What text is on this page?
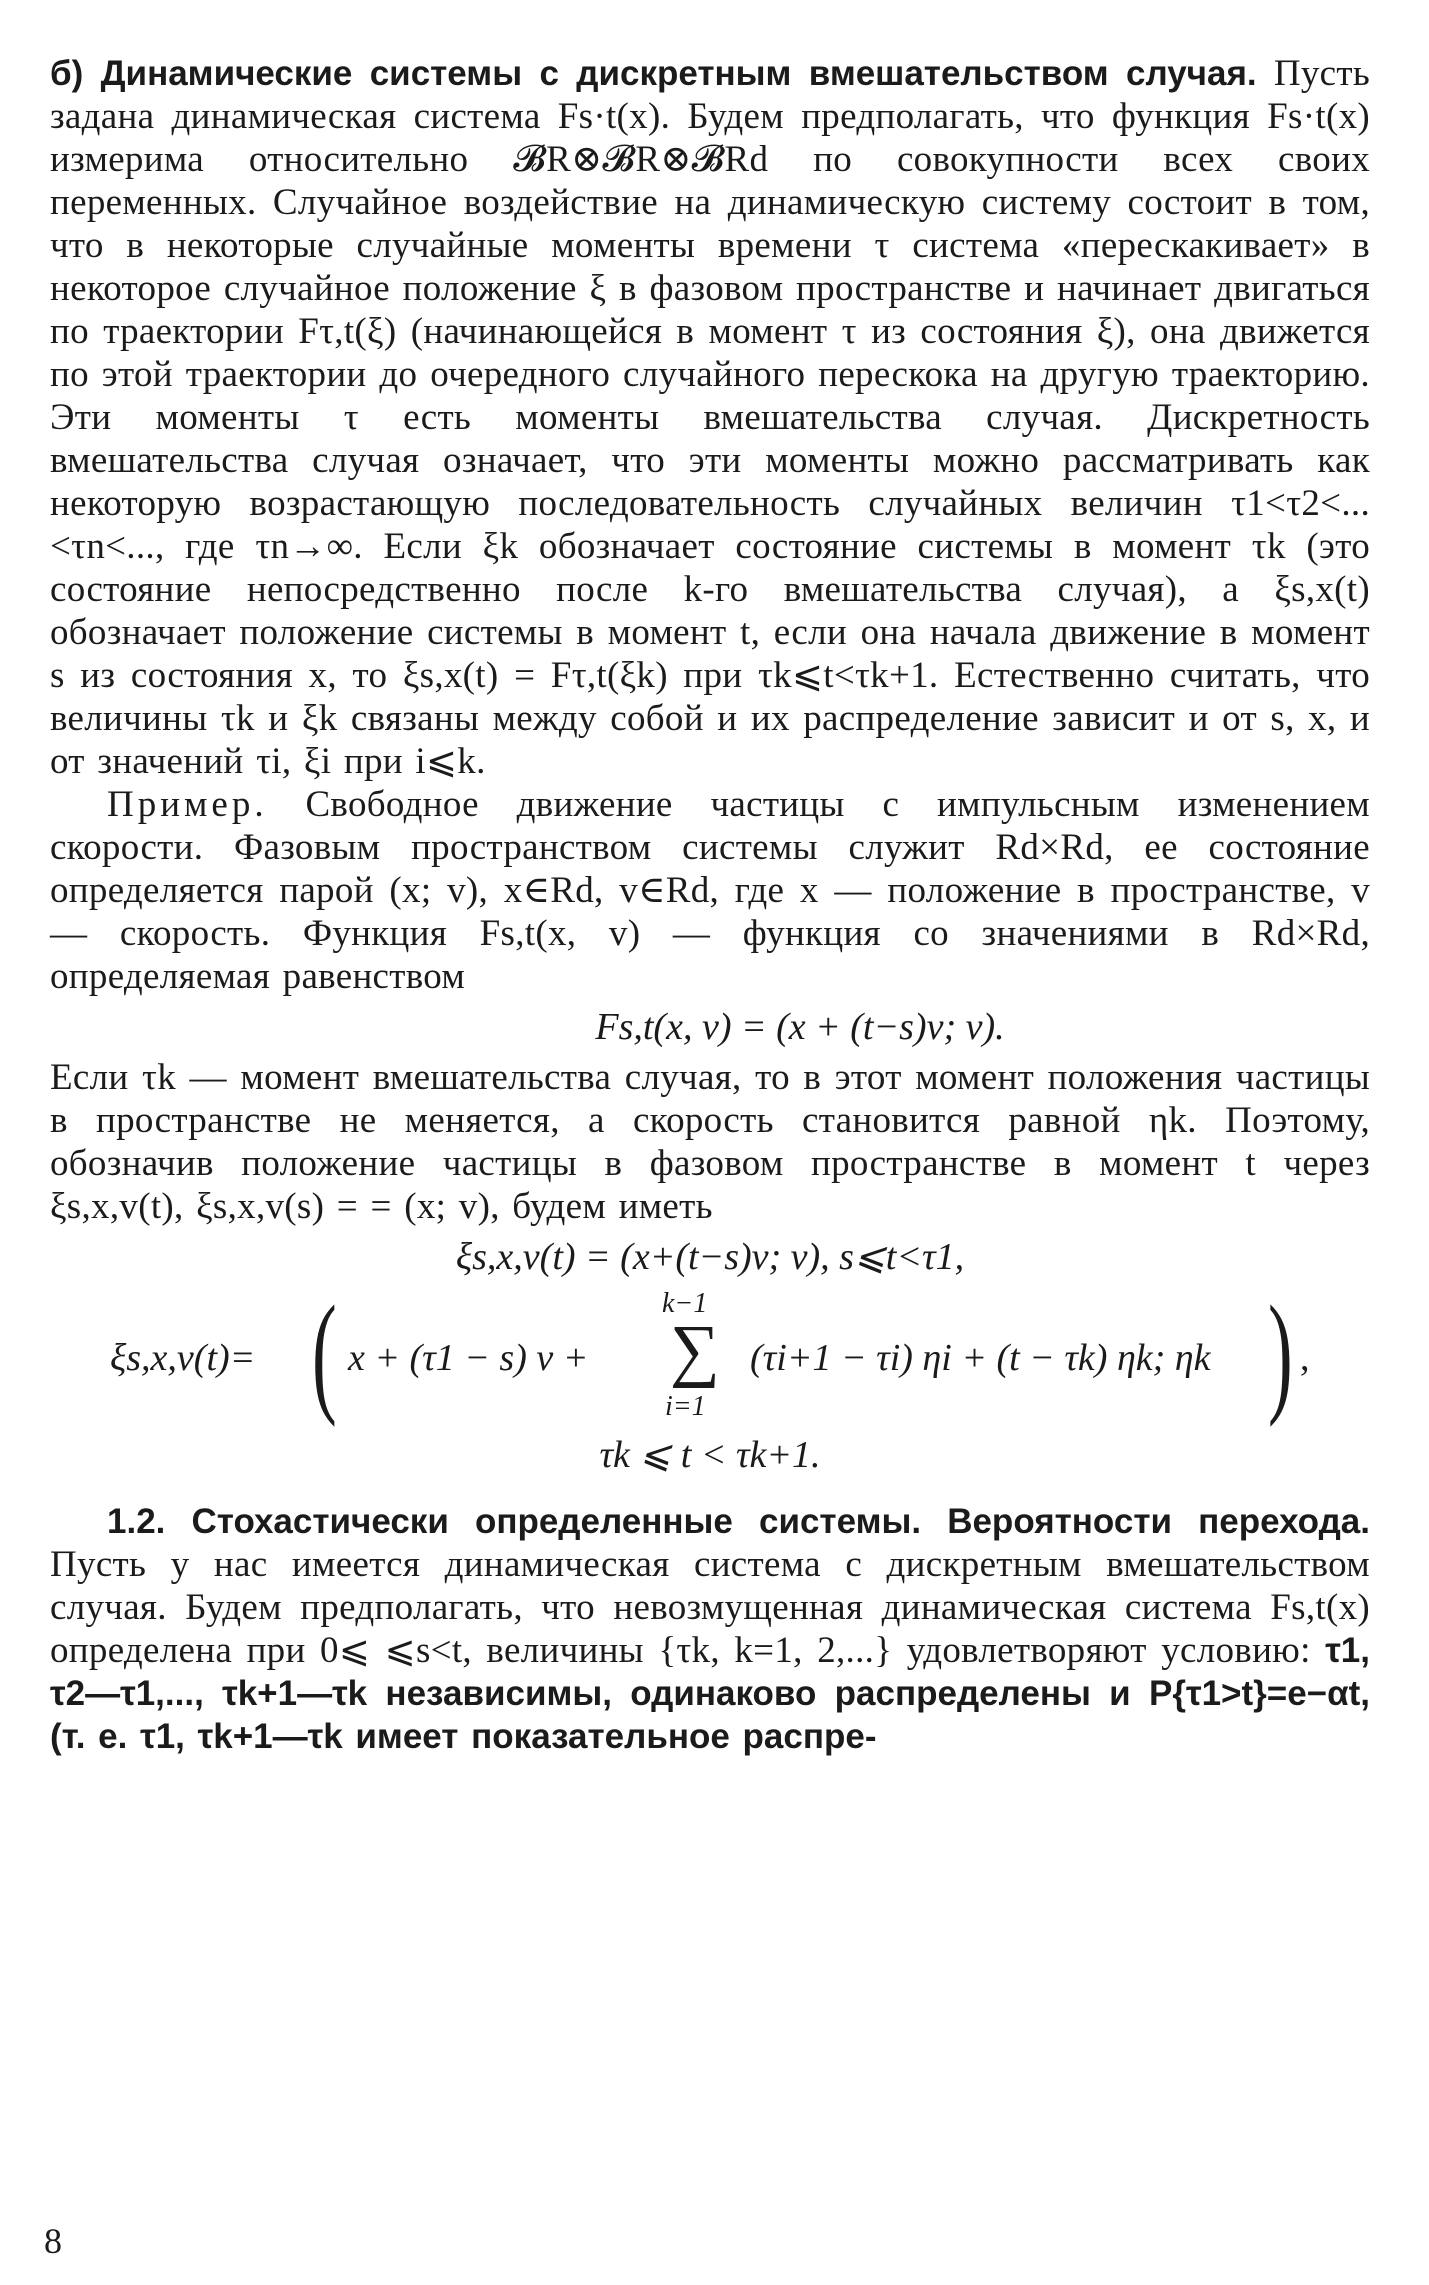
б) Динамические системы с дискретным вмешательством случая. Пусть задана динамическая система Fs·t(x). Будем предполагать, что функция Fs·t(x) измерима относительно 𝓑R⊗𝓑R⊗𝓑Rd по совокупности всех своих переменных. Случайное воздействие на динамическую систему состоит в том, что в некоторые случайные моменты времени τ система «перескакивает» в некоторое случайное положение ξ в фазовом пространстве и начинает двигаться по траектории Fτ,t(ξ) (начинающейся в момент τ из состояния ξ), она движется по этой траектории до очередного случайного перескока на другую траекторию. Эти моменты τ есть моменты вмешательства случая. Дискретность вмешательства случая означает, что эти моменты можно рассматривать как некоторую возрастающую последовательность случайных величин τ1<τ2<... <τn<..., где τn→∞. Если ξk обозначает состояние системы в момент τk (это состояние непосредственно после k-го вмешательства случая), а ξs,x(t) обозначает положение системы в момент t, если она начала движение в момент s из состояния x, то ξs,x(t) = Fτ,t(ξk) при τk⩽t<τk+1. Естественно считать, что величины τk и ξk связаны между собой и их распределение зависит и от s, x, и от значений τi, ξi при i⩽k.

Пример. Свободное движение частицы с импульсным изменением скорости. Фазовым пространством системы служит Rd×Rd, ее состояние определяется парой (x; v), x∈Rd, v∈Rd, где x — положение в пространстве, v — скорость. Функция Fs,t(x, v) — функция со значениями в Rd×Rd, определяемая равенством

Fs,t(x, v) = (x + (t−s)v; v).

Если τk — момент вмешательства случая, то в этот момент положения частицы в пространстве не меняется, а скорость становится равной ηk. Поэтому, обозначив положение частицы в фазовом пространстве в момент t через ξs,x,v(t), ξs,x,v(s) = = (x; v), будем иметь

ξs,x,v(t) = (x+(t−s)v; v), s⩽t<τ1,
ξs,x,v(t)= ( x + (τ1 − s) v +
k−1
∑
i=1
(τi+1 − τi) ηi + (t − τk) ηk; ηk ) ,
τk ⩽ t < τk+1.

1.2. Стохастически определенные системы. Вероятности перехода. Пусть у нас имеется динамическая система с дискретным вмешательством случая. Будем предполагать, что невозмущенная динамическая система Fs,t(x) определена при 0⩽ ⩽s<t, величины {τk, k=1, 2,...} удовлетворяют условию: τ1, τ2—τ1,..., τk+1—τk независимы, одинаково распределены и P{τ1>t}=e−αt, (т. е. τ1, τk+1—τk имеет показательное распре-

8
